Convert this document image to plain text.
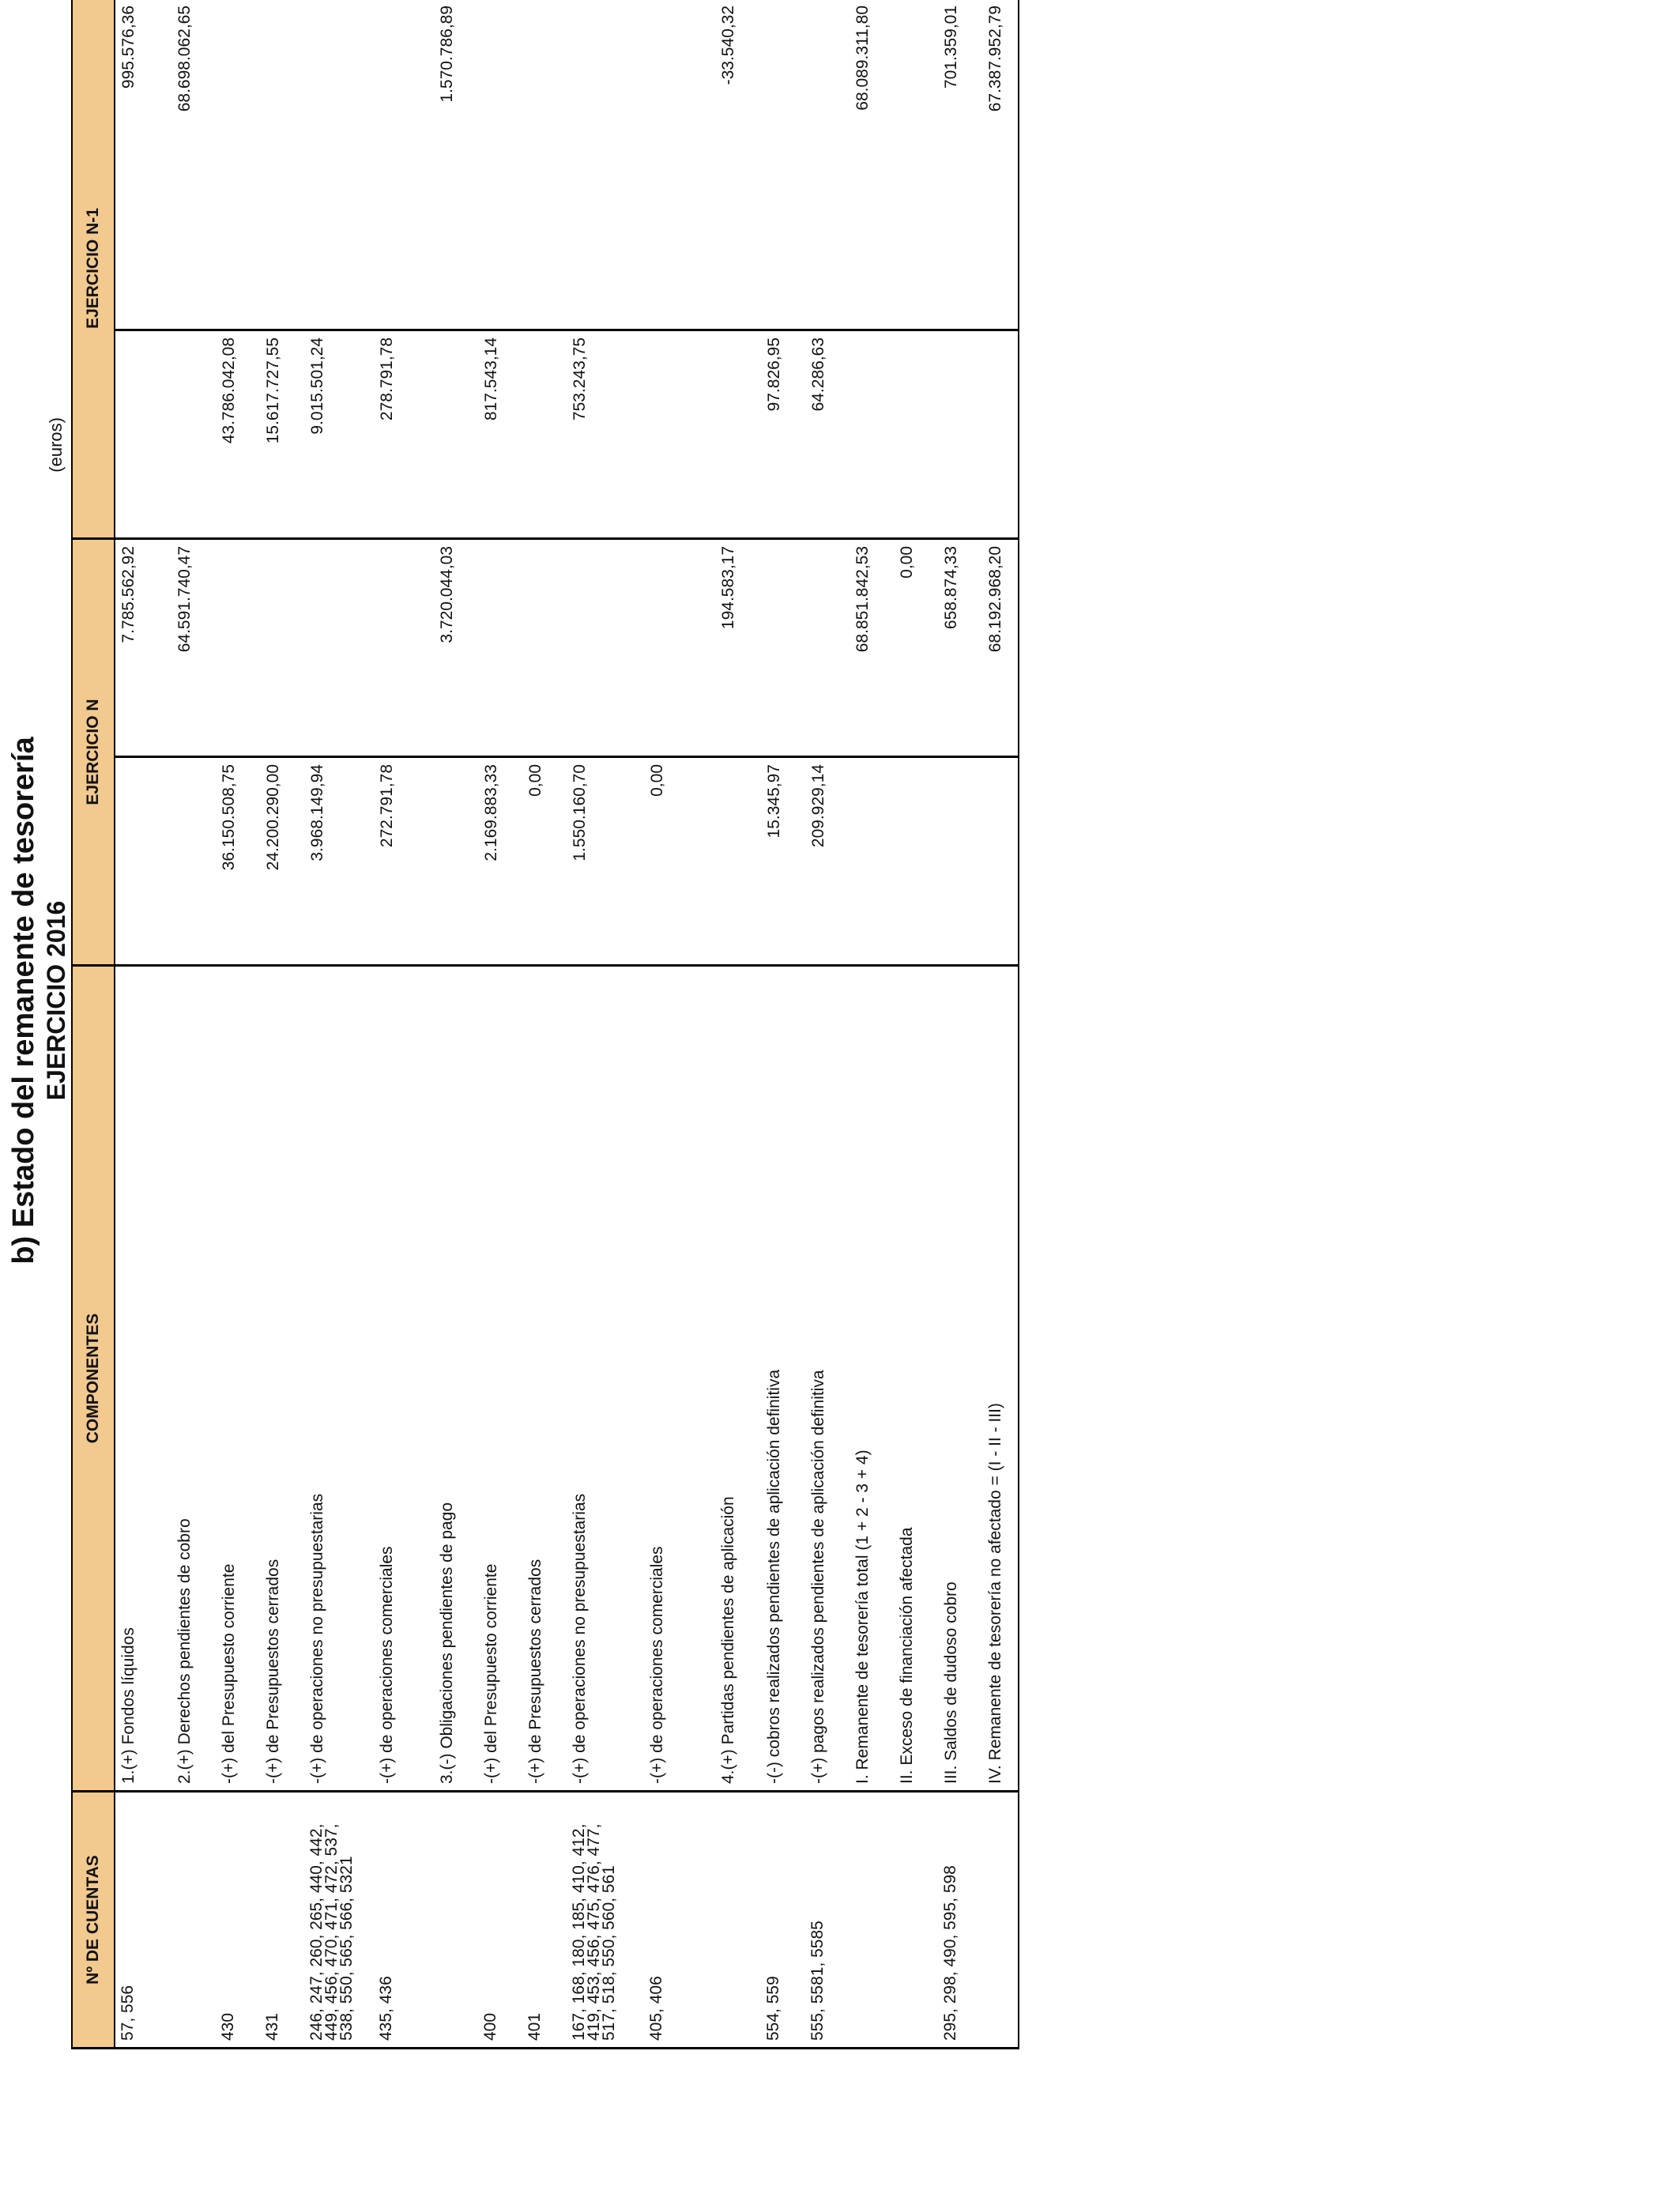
b) Estado del remanente de tesorería EJERCICIO 2016
(euros)
Nº DE CUENTAS	COMPONENTES	EJERCICIO N		EJERCICIO N-1	
57, 556	1.(+) Fondos líquidos		7.785.562,92		995.576,36
	2.(+) Derechos pendientes de cobro		64.591.740,47		68.698.062,65
430	-(+) del Presupuesto corriente	36.150.508,75		43.786.042,08	
431	-(+) de Presupuestos cerrados	24.200.290,00		15.617.727,55	
246, 247, 260, 265, 440, 442, 449, 456, 470, 471, 472, 537, 538, 550, 565, 566, 5321	-(+) de operaciones no presupuestarias	3.968.149,94		9.015.501,24	
435, 436	-(+) de operaciones comerciales	272.791,78		278.791,78	
	3.(-) Obligaciones pendientes de pago		3.720.044,03		1.570.786,89
400	-(+) del Presupuesto corriente	2.169.883,33		817.543,14	
401	-(+) de Presupuestos cerrados	0,00			
167, 168, 180, 185, 410, 412, 419, 453, 456, 475, 476, 477, 517, 518, 550, 560, 561	-(+) de operaciones no presupuestarias	1.550.160,70		753.243,75	
405, 406	-(+) de operaciones comerciales	0,00			
	4.(+) Partidas pendientes de aplicación		194.583,17		-33.540,32
554, 559	-(-) cobros realizados pendientes de aplicación definitiva	15.345,97		97.826,95	
555, 5581, 5585	-(+) pagos realizados pendientes de aplicación definitiva	209.929,14		64.286,63	
	I. Remanente de tesorería total (1 + 2 - 3 + 4)		68.851.842,53		68.089.311,80
	II. Exceso de financiación afectada		0,00		
295, 298, 490, 595, 598	III. Saldos de dudoso cobro		658.874,33		701.359,01
	IV. Remanente de tesorería no afectado = (I - II - III)		68.192.968,20		67.387.952,79
